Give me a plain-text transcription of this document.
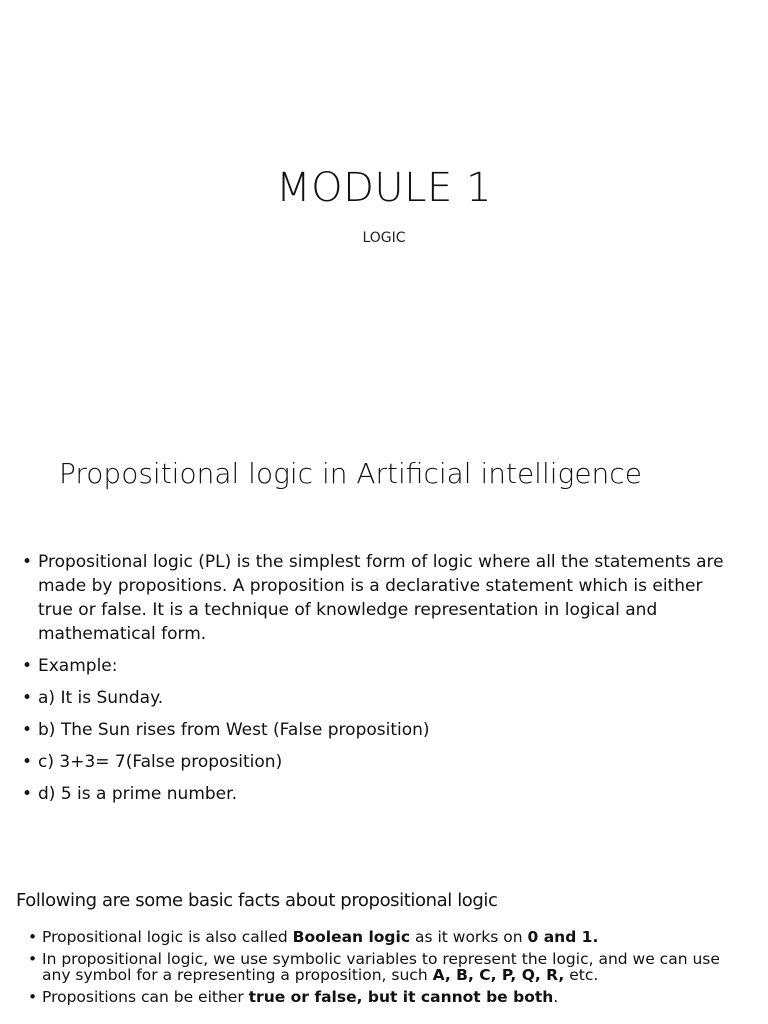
MODULE 1
LOGIC
Propositional logic in Artificial intelligence
• Propositional logic (PL) is the simplest form of logic where all the statements are made by propositions. A proposition is a declarative statement which is either true or false. It is a technique of knowledge representation in logical and mathematical form.
• Example:
• a) It is Sunday.
• b) The Sun rises from West (False proposition)
• c) 3+3= 7(False proposition)
• d) 5 is a prime number.
Following are some basic facts about propositional logic
• Propositional logic is also called Boolean logic as it works on 0 and 1.
• In propositional logic, we use symbolic variables to represent the logic, and we can use any symbol for a representing a proposition, such A, B, C, P, Q, R, etc.
• Propositions can be either true or false, but it cannot be both.
